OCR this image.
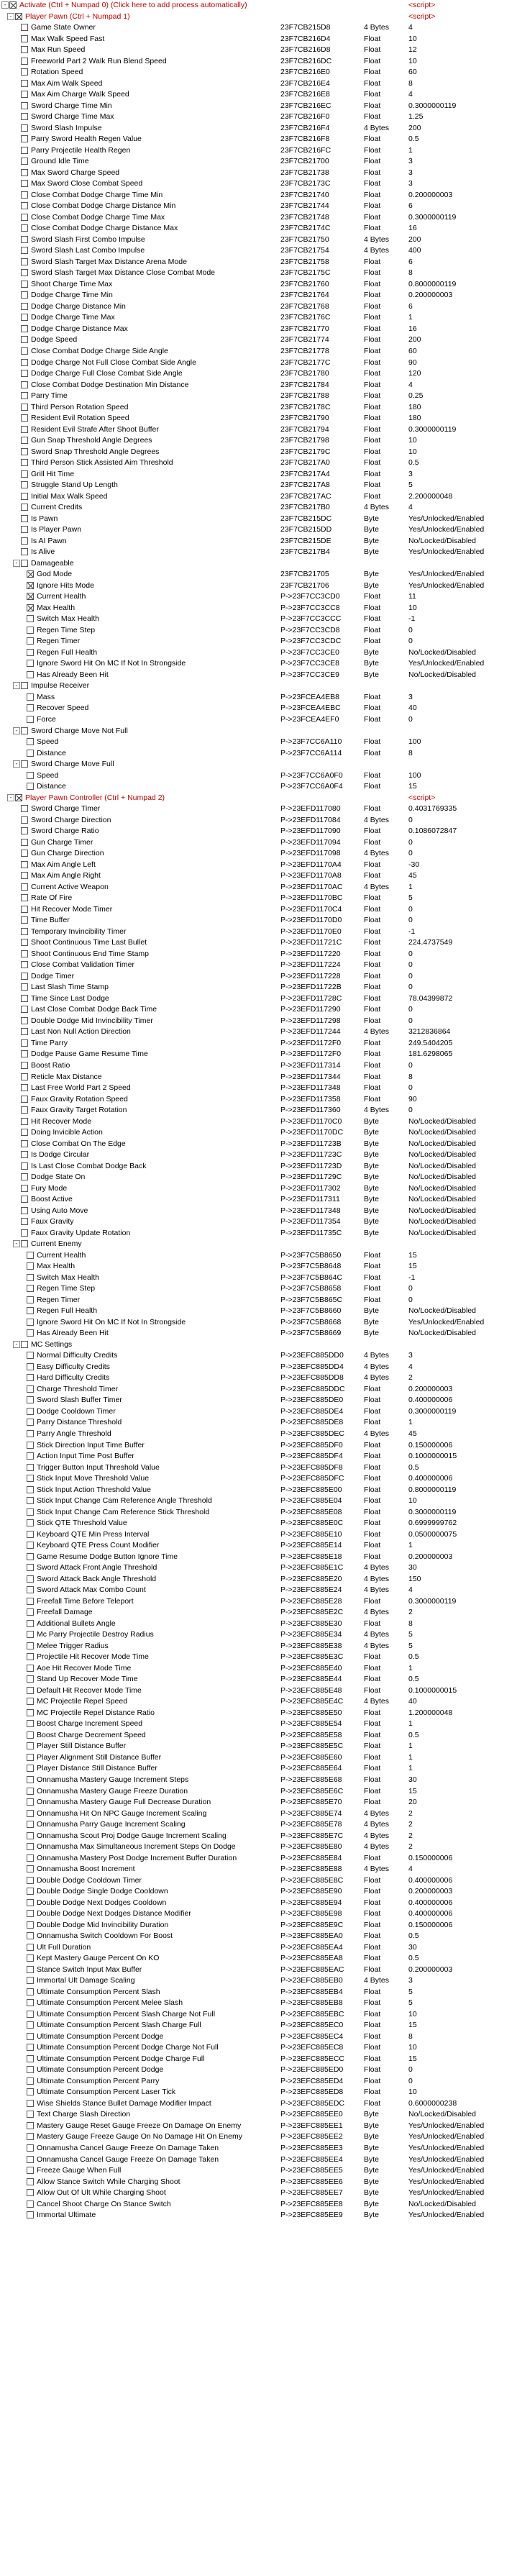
- Activate (Ctrl + Numpad 0) (Click here to add process automatically)	<script>
- Player Pawn (Ctrl + Numpad 1)	<script>
Game State Owner	23F7CB215D8	4 Bytes	4
Max Walk Speed Fast	23F7CB216D4	Float	10
Max Run Speed	23F7CB216D8	Float	12
Freeworld Part 2 Walk Run Blend Speed	23F7CB216DC	Float	10
Rotation Speed	23F7CB216E0	Float	60
Max Aim Walk Speed	23F7CB216E4	Float	8
Max Aim Charge Walk Speed	23F7CB216E8	Float	4
Sword Charge Time Min	23F7CB216EC	Float	0.3000000119
Sword Charge Time Max	23F7CB216F0	Float	1.25
Sword Slash Impulse	23F7CB216F4	4 Bytes	200
Parry Sword Health Regen Value	23F7CB216F8	Float	0.5
Parry Projectile Health Regen	23F7CB216FC	Float	1
Ground Idle Time	23F7CB21700	Float	3
Max Sword Charge Speed	23F7CB21738	Float	3
Max Sword Close Combat Speed	23F7CB2173C	Float	3
Close Combat Dodge Charge Time Min	23F7CB21740	Float	0.200000003
Close Combat Dodge Charge Distance Min	23F7CB21744	Float	6
Close Combat Dodge Charge Time Max	23F7CB21748	Float	0.3000000119
Close Combat Dodge Charge Distance Max	23F7CB2174C	Float	16
Sword Slash First Combo Impulse	23F7CB21750	4 Bytes	200
Sword Slash Last Combo Impulse	23F7CB21754	4 Bytes	400
Sword Slash Target Max Distance Arena Mode	23F7CB21758	Float	6
Sword Slash Target Max Distance Close Combat Mode	23F7CB2175C	Float	8
Shoot Charge Time Max	23F7CB21760	Float	0.8000000119
Dodge Charge Time Min	23F7CB21764	Float	0.200000003
Dodge Charge Distance Min	23F7CB21768	Float	6
Dodge Charge Time Max	23F7CB2176C	Float	1
Dodge Charge Distance Max	23F7CB21770	Float	16
Dodge Speed	23F7CB21774	Float	200
Close Combat Dodge Charge Side Angle	23F7CB21778	Float	60
Dodge Charge Not Full Close Combat Side Angle	23F7CB2177C	Float	90
Dodge Charge Full Close Combat Side Angle	23F7CB21780	Float	120
Close Combat Dodge Destination Min Distance	23F7CB21784	Float	4
Parry Time	23F7CB21788	Float	0.25
Third Person Rotation Speed	23F7CB2178C	Float	180
Resident Evil Rotation Speed	23F7CB21790	Float	180
Resident Evil Strafe After Shoot Buffer	23F7CB21794	Float	0.3000000119
Gun Snap Threshold Angle Degrees	23F7CB21798	Float	10
Sword Snap Threshold Angle Degrees	23F7CB2179C	Float	10
Third Person Stick Assisted Aim Threshold	23F7CB217A0	Float	0.5
Grill Hit Time	23F7CB217A4	Float	3
Struggle Stand Up Length	23F7CB217A8	Float	5
Initial Max Walk Speed	23F7CB217AC	Float	2.200000048
Current Credits	23F7CB217B0	4 Bytes	4
Is Pawn	23F7CB215DC	Byte	Yes/Unlocked/Enabled
Is Player Pawn	23F7CB215DD	Byte	Yes/Unlocked/Enabled
Is AI Pawn	23F7CB215DE	Byte	No/Locked/Disabled
Is Alive	23F7CB217B4	Byte	Yes/Unlocked/Enabled
- Damageable
God Mode	23F7CB21705	Byte	Yes/Unlocked/Enabled
Ignore Hits Mode	23F7CB21706	Byte	Yes/Unlocked/Enabled
Current Health	P->23F7CC3CD0	Float	11
Max Health	P->23F7CC3CC8	Float	10
Switch Max Health	P->23F7CC3CCC	Float	-1
Regen Time Step	P->23F7CC3CD8	Float	0
Regen Timer	P->23F7CC3CDC	Float	0
Regen Full Health	P->23F7CC3CE0	Byte	No/Locked/Disabled
Ignore Sword Hit On MC If Not In Strongside	P->23F7CC3CE8	Byte	Yes/Unlocked/Enabled
Has Already Been Hit	P->23F7CC3CE9	Byte	No/Locked/Disabled
- Impulse Receiver
Mass	P->23FCEA4EB8	Float	3
Recover Speed	P->23FCEA4EBC	Float	40
Force	P->23FCEA4EF0	Float	0
- Sword Charge Move Not Full
Speed	P->23F7CC6A110	Float	100
Distance	P->23F7CC6A114	Float	8
- Sword Charge Move Full
Speed	P->23F7CC6A0F0	Float	100
Distance	P->23F7CC6A0F4	Float	15
- Player Pawn Controller (Ctrl + Numpad 2)	<script>
Sword Charge Timer	P->23EFD117080	Float	0.4031769335
Sword Charge Direction	P->23EFD117084	4 Bytes	0
Sword Charge Ratio	P->23EFD117090	Float	0.1086072847
Gun Charge Timer	P->23EFD117094	Float	0
Gun Charge Direction	P->23EFD117098	4 Bytes	0
Max Aim Angle Left	P->23EFD1170A4	Float	-30
Max Aim Angle Right	P->23EFD1170A8	Float	45
Current Active Weapon	P->23EFD1170AC	4 Bytes	1
Rate Of Fire	P->23EFD1170BC	Float	5
Hit Recover Mode Timer	P->23EFD1170C4	Float	0
Time Buffer	P->23EFD1170D0	Float	0
Temporary Invincibility Timer	P->23EFD1170E0	Float	-1
Shoot Continuous Time Last Bullet	P->23EFD11721C	Float	224.4737549
Shoot Continuous End Time Stamp	P->23EFD117220	Float	0
Close Combat Validation Timer	P->23EFD117224	Float	0
Dodge Timer	P->23EFD117228	Float	0
Last Slash Time Stamp	P->23EFD11722B	Float	0
Time Since Last Dodge	P->23EFD11728C	Float	78.04399872
Last Close Combat Dodge Back Time	P->23EFD117290	Float	0
Double Dodge Mid Invincibility Timer	P->23EFD117298	Float	0
Last Non Null Action Direction	P->23EFD117244	4 Bytes	3212836864
Time Parry	P->23EFD1172F0	Float	249.5404205
Dodge Pause Game Resume Time	P->23EFD1172F0	Float	181.6298065
Boost Ratio	P->23EFD117314	Float	0
Reticle Max Distance	P->23EFD117344	Float	8
Last Free World Part 2 Speed	P->23EFD117348	Float	0
Faux Gravity Rotation Speed	P->23EFD117358	Float	90
Faux Gravity Target Rotation	P->23EFD117360	4 Bytes	0
Hit Recover Mode	P->23EFD1170C0	Byte	No/Locked/Disabled
Doing Invicible Action	P->23EFD1170DC	Byte	No/Locked/Disabled
Close Combat On The Edge	P->23EFD11723B	Byte	No/Locked/Disabled
Is Dodge Circular	P->23EFD11723C	Byte	No/Locked/Disabled
Is Last Close Combat Dodge Back	P->23EFD11723D	Byte	No/Locked/Disabled
Dodge State On	P->23EFD11729C	Byte	No/Locked/Disabled
Fury Mode	P->23EFD117302	Byte	No/Locked/Disabled
Boost Active	P->23EFD117311	Byte	No/Locked/Disabled
Using Auto Move	P->23EFD117348	Byte	No/Locked/Disabled
Faux Gravity	P->23EFD117354	Byte	No/Locked/Disabled
Faux Gravity Update Rotation	P->23EFD11735C	Byte	No/Locked/Disabled
- Current Enemy
Current Health	P->23F7C5B8650	Float	15
Max Health	P->23F7C5B8648	Float	15
Switch Max Health	P->23F7C5B864C	Float	-1
Regen Time Step	P->23F7C5B8658	Float	0
Regen Timer	P->23F7C5B865C	Float	0
Regen Full Health	P->23F7C5B8660	Byte	No/Locked/Disabled
Ignore Sword Hit On MC If Not In Strongside	P->23F7C5B8668	Byte	Yes/Unlocked/Enabled
Has Already Been Hit	P->23F7C5B8669	Byte	No/Locked/Disabled
- MC Settings
Normal Difficulty Credits	P->23EFC885DD0	4 Bytes	3
Easy Difficulty Credits	P->23EFC885DD4	4 Bytes	4
Hard Difficulty Credits	P->23EFC885DD8	4 Bytes	2
Charge Threshold Timer	P->23EFC885DDC	Float	0.200000003
Sword Slash Buffer Timer	P->23EFC885DE0	Float	0.400000006
Dodge Cooldown Timer	P->23EFC885DE4	Float	0.3000000119
Parry Distance Threshold	P->23EFC885DE8	Float	1
Parry Angle Threshold	P->23EFC885DEC	4 Bytes	45
Stick Direction Input Time Buffer	P->23EFC885DF0	Float	0.150000006
Action Input Time Post Buffer	P->23EFC885DF4	Float	0.1000000015
Trigger Button Input Threshold Value	P->23EFC885DF8	Float	0.5
Stick Input Move Threshold Value	P->23EFC885DFC	Float	0.400000006
Stick Input Action Threshold Value	P->23EFC885E00	Float	0.8000000119
Stick Input Change Cam Reference Angle Threshold	P->23EFC885E04	Float	10
Stick Input Change Cam Reference Stick Threshold	P->23EFC885E08	Float	0.3000000119
Stick QTE Threshold Value	P->23EFC885E0C	Float	0.6999999762
Keyboard QTE Min Press Interval	P->23EFC885E10	Float	0.0500000075
Keyboard QTE Press Count Modifier	P->23EFC885E14	Float	1
Game Resume Dodge Button Ignore Time	P->23EFC885E18	Float	0.200000003
Sword Attack Front Angle Threshold	P->23EFC885E1C	4 Bytes	30
Sword Attack Back Angle Threshold	P->23EFC885E20	4 Bytes	150
Sword Attack Max Combo Count	P->23EFC885E24	4 Bytes	4
Freefall Time Before Teleport	P->23EFC885E28	Float	0.3000000119
Freefall Damage	P->23EFC885E2C	4 Bytes	2
Additional Bullets Angle	P->23EFC885E30	Float	8
Mc Parry Projectile Destroy Radius	P->23EFC885E34	4 Bytes	5
Melee Trigger Radius	P->23EFC885E38	4 Bytes	5
Projectile Hit Recover Mode Time	P->23EFC885E3C	Float	0.5
Aoe Hit Recover Mode Time	P->23EFC885E40	Float	1
Stand Up Recover Mode Time	P->23EFC885E44	Float	0.5
Default Hit Recover Mode Time	P->23EFC885E48	Float	0.1000000015
MC Projectile Repel Speed	P->23EFC885E4C	4 Bytes	40
MC Projectile Repel Distance Ratio	P->23EFC885E50	Float	1.200000048
Boost Charge Increment Speed	P->23EFC885E54	Float	1
Boost Charge Decrement Speed	P->23EFC885E58	Float	0.5
Player Still Distance Buffer	P->23EFC885E5C	Float	1
Player Alignment Still Distance Buffer	P->23EFC885E60	Float	1
Player Distance Still Distance Buffer	P->23EFC885E64	Float	1
Onnamusha Mastery Gauge Increment Steps	P->23EFC885E68	Float	30
Onnamusha Mastery Gauge Freeze Duration	P->23EFC885E6C	Float	15
Onnamusha Mastery Gauge Full Decrease Duration	P->23EFC885E70	Float	20
Onnamusha Hit On NPC Gauge Increment Scaling	P->23EFC885E74	4 Bytes	2
Onnamusha Parry Gauge Increment Scaling	P->23EFC885E78	4 Bytes	2
Onnamusha Scout Proj Dodge Gauge Increment Scaling	P->23EFC885E7C	4 Bytes	2
Onnamusha Max Simultaneous Increment Steps On Dodge	P->23EFC885E80	4 Bytes	2
Onnamusha Mastery Post Dodge Increment Buffer Duration	P->23EFC885E84	Float	0.150000006
Onnamusha Boost Increment	P->23EFC885E88	4 Bytes	4
Double Dodge Cooldown Timer	P->23EFC885E8C	Float	0.400000006
Double Dodge Single Dodge Cooldown	P->23EFC885E90	Float	0.200000003
Double Dodge Next Dodges Cooldown	P->23EFC885E94	Float	0.400000006
Double Dodge Next Dodges Distance Modifier	P->23EFC885E98	Float	0.400000006
Double Dodge Mid Invincibility Duration	P->23EFC885E9C	Float	0.150000006
Onnamusha Switch Cooldown For Boost	P->23EFC885EA0	Float	0.5
Ult Full Duration	P->23EFC885EA4	Float	30
Kept Mastery Gauge Percent On KO	P->23EFC885EA8	Float	0.5
Stance Switch Input Max Buffer	P->23EFC885EAC	Float	0.200000003
Immortal Ult Damage Scaling	P->23EFC885EB0	4 Bytes	3
Ultimate Consumption Percent Slash	P->23EFC885EB4	Float	5
Ultimate Consumption Percent Melee Slash	P->23EFC885EB8	Float	5
Ultimate Consumption Percent Slash Charge Not Full	P->23EFC885EBC	Float	10
Ultimate Consumption Percent Slash Charge Full	P->23EFC885EC0	Float	15
Ultimate Consumption Percent Dodge	P->23EFC885EC4	Float	8
Ultimate Consumption Percent Dodge Charge Not Full	P->23EFC885EC8	Float	10
Ultimate Consumption Percent Dodge Charge Full	P->23EFC885ECC	Float	15
Ultimate Consumption Percent Dodge	P->23EFC885ED0	Float	0
Ultimate Consumption Percent Parry	P->23EFC885ED4	Float	0
Ultimate Consumption Percent Laser Tick	P->23EFC885ED8	Float	10
Wise Shields Stance Bullet Damage Modifier Impact	P->23EFC885EDC	Float	0.6000000238
Text Charge Slash Direction	P->23EFC885EE0	Byte	No/Locked/Disabled
Mastery Gauge Reset Gauge Freeze On Damage On Enemy	P->23EFC885EE1	Byte	Yes/Unlocked/Enabled
Mastery Gauge Freeze Gauge On No Damage Hit On Enemy	P->23EFC885EE2	Byte	Yes/Unlocked/Enabled
Onnamusha Cancel Gauge Freeze On Damage Taken	P->23EFC885EE3	Byte	Yes/Unlocked/Enabled
Onnamusha Cancel Gauge Freeze On Damage Taken	P->23EFC885EE4	Byte	Yes/Unlocked/Enabled
Freeze Gauge When Full	P->23EFC885EE5	Byte	Yes/Unlocked/Enabled
Allow Stance Switch While Charging Shoot	P->23EFC885EE6	Byte	Yes/Unlocked/Enabled
Allow Out Of Ult While Charging Shoot	P->23EFC885EE7	Byte	Yes/Unlocked/Enabled
Cancel Shoot Charge On Stance Switch	P->23EFC885EE8	Byte	No/Locked/Disabled
Immortal Ultimate	P->23EFC885EE9	Byte	Yes/Unlocked/Enabled
